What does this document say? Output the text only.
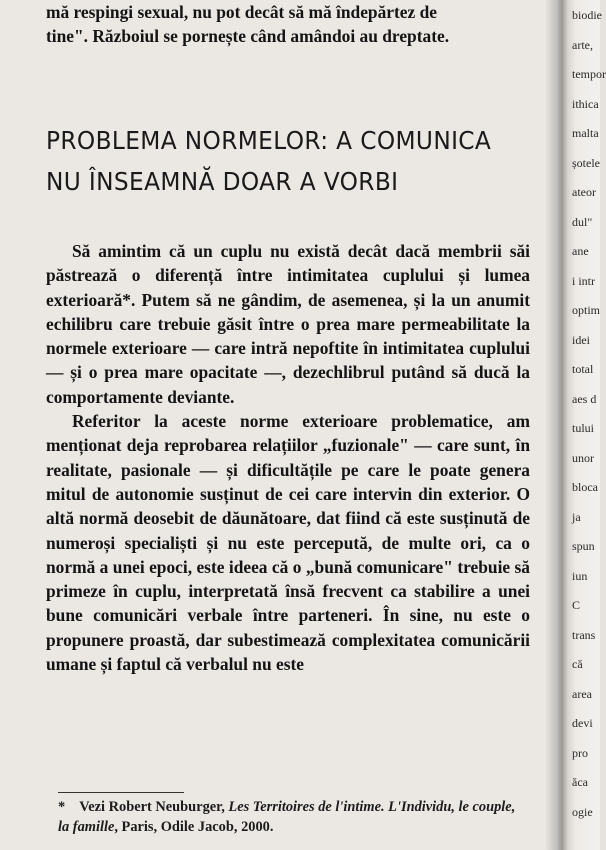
mă respingi sexual, nu pot decât să mă îndepărtez de
tine". Războiul se pornește când amândoi au dreptate.

PROBLEMA NORMELOR: A COMUNICA
NU ÎNSEAMNĂ DOAR A VORBI

Să amintim că un cuplu nu există decât dacă membrii săi păstrează o diferență între intimitatea cuplului și lumea exterioară*. Putem să ne gândim, de asemenea, și la un anumit echilibru care trebuie găsit între o prea mare permeabilitate la normele exterioare — care intră nepoftite în intimitatea cuplului — și o prea mare opacitate —, dezechlibrul putând să ducă la comportamente deviante.

Referitor la aceste norme exterioare problematice, am menționat deja reprobarea relațiilor „fuzionale" — care sunt, în realitate, pasionale — și dificultățile pe care le poate genera mitul de autonomie susținut de cei care intervin din exterior. O altă normă deosebit de dăunătoare, dat fiind că este susținută de numeroși specialiști și nu este percepută, de multe ori, ca o normă a unei epoci, este ideea că o „bună comunicare" trebuie să primeze în cuplu, interpretată însă frecvent ca stabilire a unei bune comunicări verbale între parteneri. În sine, nu este o propunere proastă, dar subestimează complexitatea comunicării umane și faptul că verbalul nu este

* Vezi Robert Neuburger, Les Territoires de l'intime. L'Individu, le couple, la famille, Paris, Odile Jacob, 2000.
biodie
arte,
tempor
ithica
malta
șotele
ateor
dul"
ane
i intr
optim
idei
total
aes d
tului
unor
bloca
ja
spun
iun
C
trans
că
area
devi
pro
ăca
ogie
